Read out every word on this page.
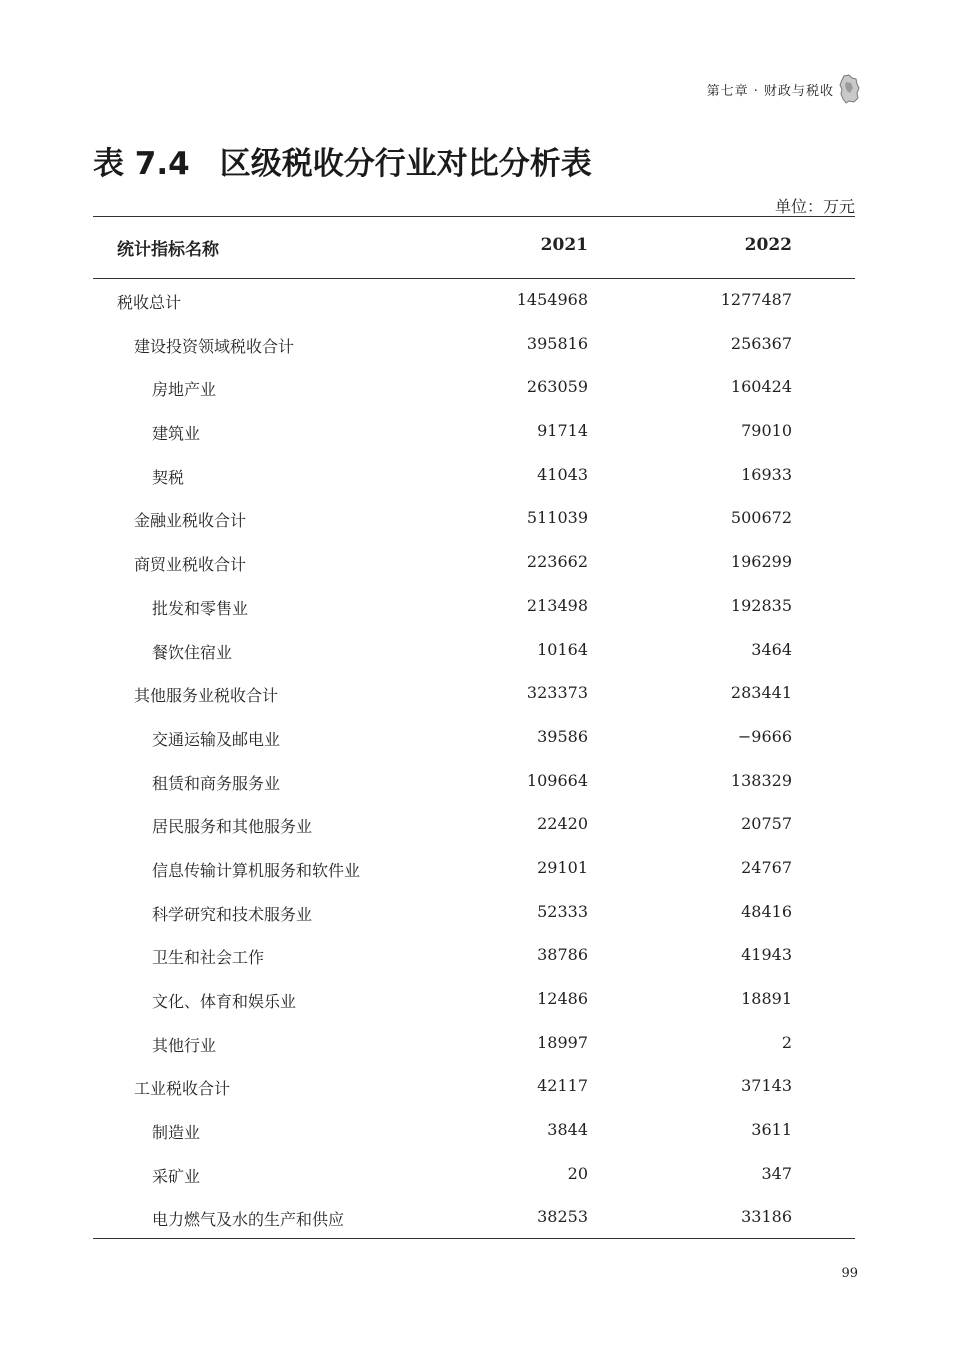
第七章 · 财政与税收
表 7.4 区级税收分行业对比分析表
单位：万元
统计指标名称	2021	2022
税收总计	1454968	1277487
建设投资领域税收合计	395816	256367
房地产业	263059	160424
建筑业	91714	79010
契税	41043	16933
金融业税收合计	511039	500672
商贸业税收合计	223662	196299
批发和零售业	213498	192835
餐饮住宿业	10164	3464
其他服务业税收合计	323373	283441
交通运输及邮电业	39586	−9666
租赁和商务服务业	109664	138329
居民服务和其他服务业	22420	20757
信息传输计算机服务和软件业	29101	24767
科学研究和技术服务业	52333	48416
卫生和社会工作	38786	41943
文化、体育和娱乐业	12486	18891
其他行业	18997	2
工业税收合计	42117	37143
制造业	3844	3611
采矿业	20	347
电力燃气及水的生产和供应	38253	33186
99
